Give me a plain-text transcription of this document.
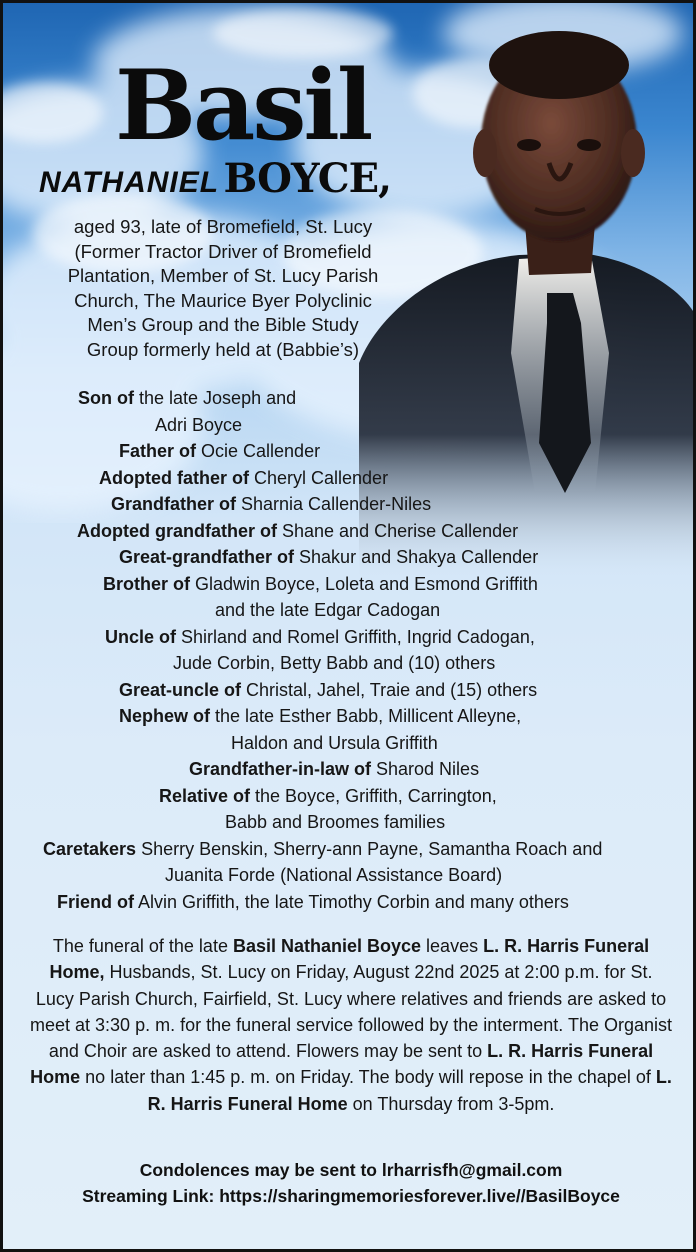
Basil
NATHANIEL BOYCE,

aged 93, late of Bromefield, St. Lucy
(Former Tractor Driver of Bromefield
Plantation, Member of St. Lucy Parish
Church, The Maurice Byer Polyclinic
Men’s Group and the Bible Study
Group formerly held at (Babbie’s)

Son of the late Joseph and
Adri Boyce
Father of Ocie Callender
Adopted father of Cheryl Callender
Grandfather of Sharnia Callender-Niles
Adopted grandfather of Shane and Cherise Callender
Great-grandfather of Shakur and Shakya Callender
Brother of Gladwin Boyce, Loleta and Esmond Griffith
and the late Edgar Cadogan
Uncle of Shirland and Romel Griffith, Ingrid Cadogan,
Jude Corbin, Betty Babb and (10) others
Great-uncle of Christal, Jahel, Traie and (15) others
Nephew of the late Esther Babb, Millicent Alleyne,
Haldon and Ursula Griffith
Grandfather-in-law of Sharod Niles
Relative of the Boyce, Griffith, Carrington,
Babb and Broomes families
Caretakers Sherry Benskin, Sherry-ann Payne, Samantha Roach and
Juanita Forde (National Assistance Board)
Friend of Alvin Griffith, the late Timothy Corbin and many others

The funeral of the late Basil Nathaniel Boyce leaves L. R. Harris Funeral Home, Husbands, St. Lucy on Friday, August 22nd 2025 at 2:00 p.m. for St. Lucy Parish Church, Fairfield, St. Lucy where relatives and friends are asked to meet at 3:30 p. m. for the funeral service followed by the interment. The Organist and Choir are asked to attend. Flowers may be sent to L. R. Harris Funeral Home no later than 1:45 p. m. on Friday. The body will repose in the chapel of L. R. Harris Funeral Home on Thursday from 3-5pm.

Condolences may be sent to lrharrisfh@gmail.com
Streaming Link: https://sharingmemoriesforever.live//BasilBoyce
